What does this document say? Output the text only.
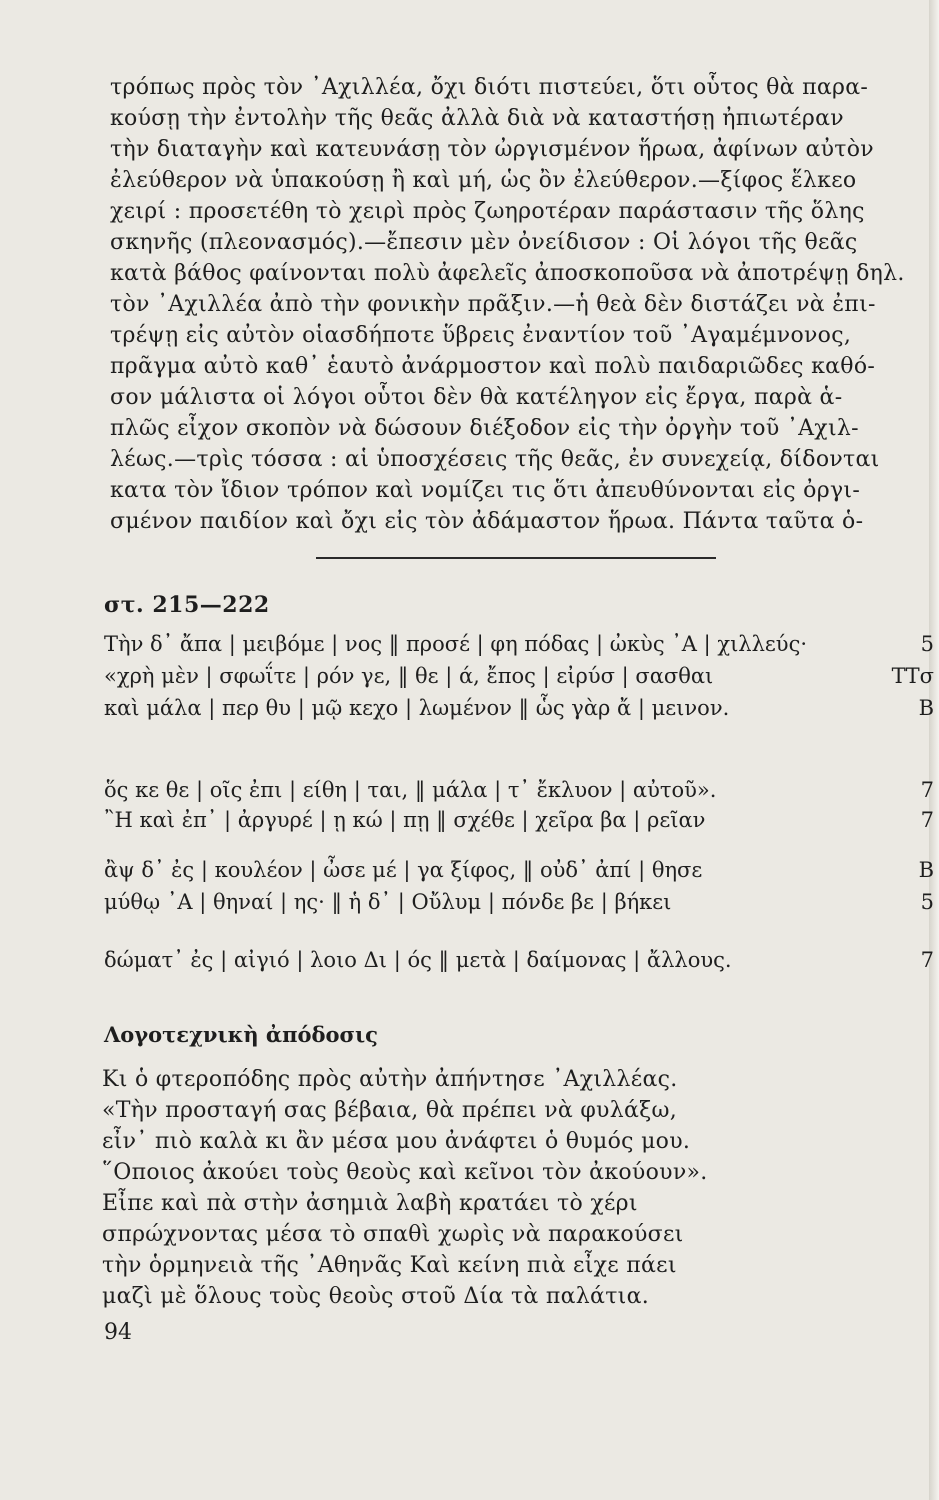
τρόπως πρὸς τὸν ᾽Αχιλλέα, ὄχι διότι πιστεύει, ὅτι οὗτος θὰ παρα-
κούσῃ τὴν ἐντολὴν τῆς θεᾶς ἀλλὰ διὰ νὰ καταστήσῃ ἠπιωτέραν
τὴν διαταγὴν καὶ κατευνάσῃ τὸν ὠργισμένον ἥρωα, ἀφίνων αὐτὸν
ἐλεύθερον νὰ ὑπακούσῃ ἢ καὶ μή, ὡς ὂν ἐλεύθερον.—ξίφος ἕλκεο
χειρί : προσετέθη τὸ χειρὶ πρὸς ζωηροτέραν παράστασιν τῆς ὅλης
σκηνῆς (πλεονασμός).—ἔπεσιν μὲν ὀνείδισον : Οἱ λόγοι τῆς θεᾶς
κατὰ βάθος φαίνονται πολὺ ἀφελεῖς ἀποσκοποῦσα νὰ ἀποτρέψῃ δηλ.
τὸν ᾽Αχιλλέα ἀπὸ τὴν φονικὴν πρᾶξιν.—ἡ θεὰ δὲν διστάζει νὰ ἐπι-
τρέψῃ εἰς αὐτὸν οἱασδήποτε ὕβρεις ἐναντίον τοῦ ᾽Αγαμέμνονος,
πρᾶγμα αὐτὸ καθ᾽ ἑαυτὸ ἀνάρμοστον καὶ πολὺ παιδαριῶδες καθό-
σον μάλιστα οἱ λόγοι οὗτοι δὲν θὰ κατέληγον εἰς ἔργα, παρὰ ἁ-
πλῶς εἶχον σκοπὸν νὰ δώσουν διέξοδον εἰς τὴν ὀργὴν τοῦ ᾽Αχιλ-
λέως.—τρὶς τόσσα : αἱ ὑποσχέσεις τῆς θεᾶς, ἐν συνεχείᾳ, δίδονται
κατα τὸν ἴδιον τρόπον καὶ νομίζει τις ὅτι ἀπευθύνονται εἰς ὀργι-
σμένον παιδίον καὶ ὄχι εἰς τὸν ἀδάμαστον ἥρωα. Πάντα ταῦτα ὁ-
στ. 215—222
Τὴν δ᾽ ἄπα | μειβόμε | νος ‖ προσέ | φη πόδας | ὠκὺς ᾽Α | χιλλεύς·	5
«χρὴ μὲν | σφωΐτε | ρόν γε, ‖ θε | ά, ἔπος | εἰρύσ | σασθαι	ΤΤσ
καὶ μάλα | περ θυ | μῷ κεχο | λωμένον ‖ ὧς γὰρ ἄ | μεινον.	Β
ὅς κε θε | οῖς ἐπι | είθη | ται, ‖ μάλα | τ᾽ ἔκλυον | αὐτοῦ».	7
῍Η καὶ ἐπ᾽ | ἀργυρέ | ῃ κώ | πῃ ‖ σχέθε | χεῖρα βα | ρεῖαν	7
ἂψ δ᾽ ἐς | κουλέον | ὦσε μέ | γα ξίφος, ‖ οὐδ᾽ ἀπί | θησε	Β
μύθῳ ᾽Α | θηναί | ης· ‖ ἡ δ᾽ | Οὔλυμ | πόνδε βε | βήκει	5
δώματ᾽ ἐς | αἰγιό | λοιο Δι | ός ‖ μετὰ | δαίμονας | ἄλλους.	7
Λογοτεχνικὴ ἀπόδοσις
Κι ὁ φτεροπόδης πρὸς αὐτὴν ἀπήντησε ᾽Αχιλλέας.
«Τὴν προσταγή σας βέβαια, θὰ πρέπει νὰ φυλάξω,
εἶν᾽ πιὸ καλὰ κι ἂν μέσα μου ἀνάφτει ὁ θυμός μου.
῞Οποιος ἀκούει τοὺς θεοὺς καὶ κεῖνοι τὸν ἀκούουν».
Εἶπε καὶ πὰ στὴν ἀσημιὰ λαβὴ κρατάει τὸ χέρι
σπρώχνοντας μέσα τὸ σπαθὶ χωρὶς νὰ παρακούσει
τὴν ὁρμηνειὰ τῆς ᾽Αθηνᾶς Καὶ κείνη πιὰ εἶχε πάει
μαζὶ μὲ ὅλους τοὺς θεοὺς στοῦ Δία τὰ παλάτια.
94
